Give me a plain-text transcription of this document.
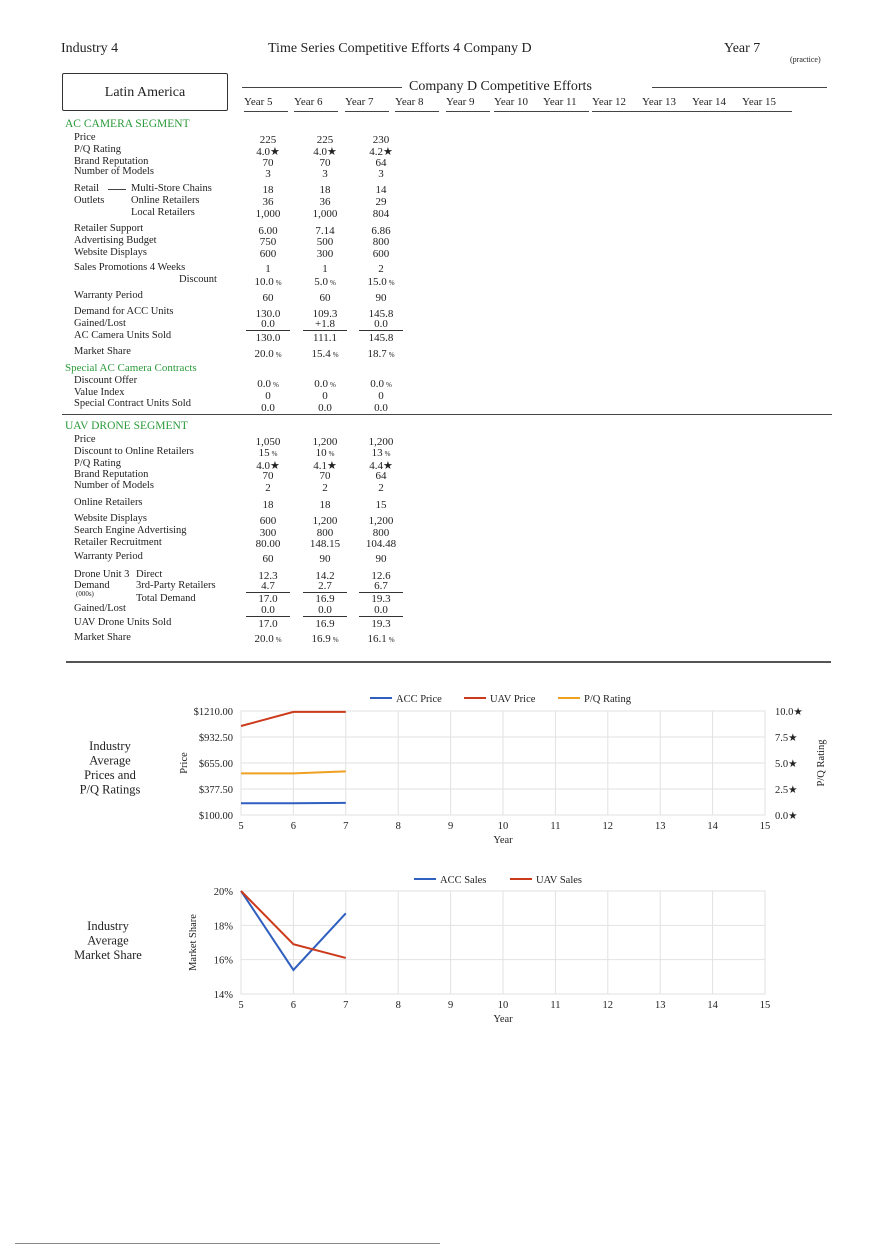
Industry 4	Time Series Competitive Efforts 4 Company D	Year 7
(practice)
Latin America	Company D Competitive Efforts
Year 5 Year 6 Year 7 Year 8 Year 9 Year 10 Year 11 Year 12 Year 13 Year 14 Year 15
AC CAMERA SEGMENT
Price	225	225	230
P/Q Rating	4.0★	4.0★	4.2★
Brand Reputation	70	70	64
Number of Models	3	3	3
Retail
Outlets
Multi-Store Chains	18	18	14
Online Retailers	36	36	29
Local Retailers	1,000	1,000	804
Retailer Support	6.00	7.14	6.86
Advertising Budget	750	500	800
Website Displays	600	300	600
Sales Promotions 4 Weeks	1	1	2
Discount	10.0 %	5.0 %	15.0 %
Warranty Period	60	60	90
Demand for ACC Units	130.0	109.3	145.8
Gained/Lost	0.0	+1.8	0.0
AC Camera Units Sold	130.0	111.1	145.8
Market Share	20.0 %	15.4 %	18.7 %
Special AC Camera Contracts
Discount Offer	0.0 %	0.0 %	0.0 %
Value Index	0	0	0
Special Contract Units Sold	0.0	0.0	0.0
UAV DRONE SEGMENT
Price	1,050	1,200	1,200
Discount to Online Retailers	15 %	10 %	13 %
P/Q Rating	4.0★	4.1★	4.4★
Brand Reputation	70	70	64
Number of Models	2	2	2
Online Retailers	18	18	15
Website Displays	600	1,200	1,200
Search Engine Advertising	300	800	800
Retailer Recruitment	80.00	148.15	104.48
Warranty Period	60	90	90
Drone Unit 3 Direct	12.3	14.2	12.6
Demand
(000s)
3rd-Party Retailers	4.7	2.7	6.7
Total Demand	17.0	16.9	19.3
Gained/Lost	0.0	0.0	0.0
UAV Drone Units Sold	17.0	16.9	19.3
Market Share	20.0 %	16.9 %	16.1 %
$1210.00
$932.50
$655.00
$377.50
$100.00
10.0★
7.5★
5.0★
2.5★
0.0★
P/Q Rating
5	6	7	8	9	10	11	12	13	14	15
Year
Price
Industry
Average
Prices and
P/Q Ratings
ACC Price	UAV Price	P/Q Rating
20%
18%
16%
14%
5	6	7	8	9	10	11	12	13	14	15
Year
Market Share
Industry
Average
Market Share
ACC Sales	UAV Sales
